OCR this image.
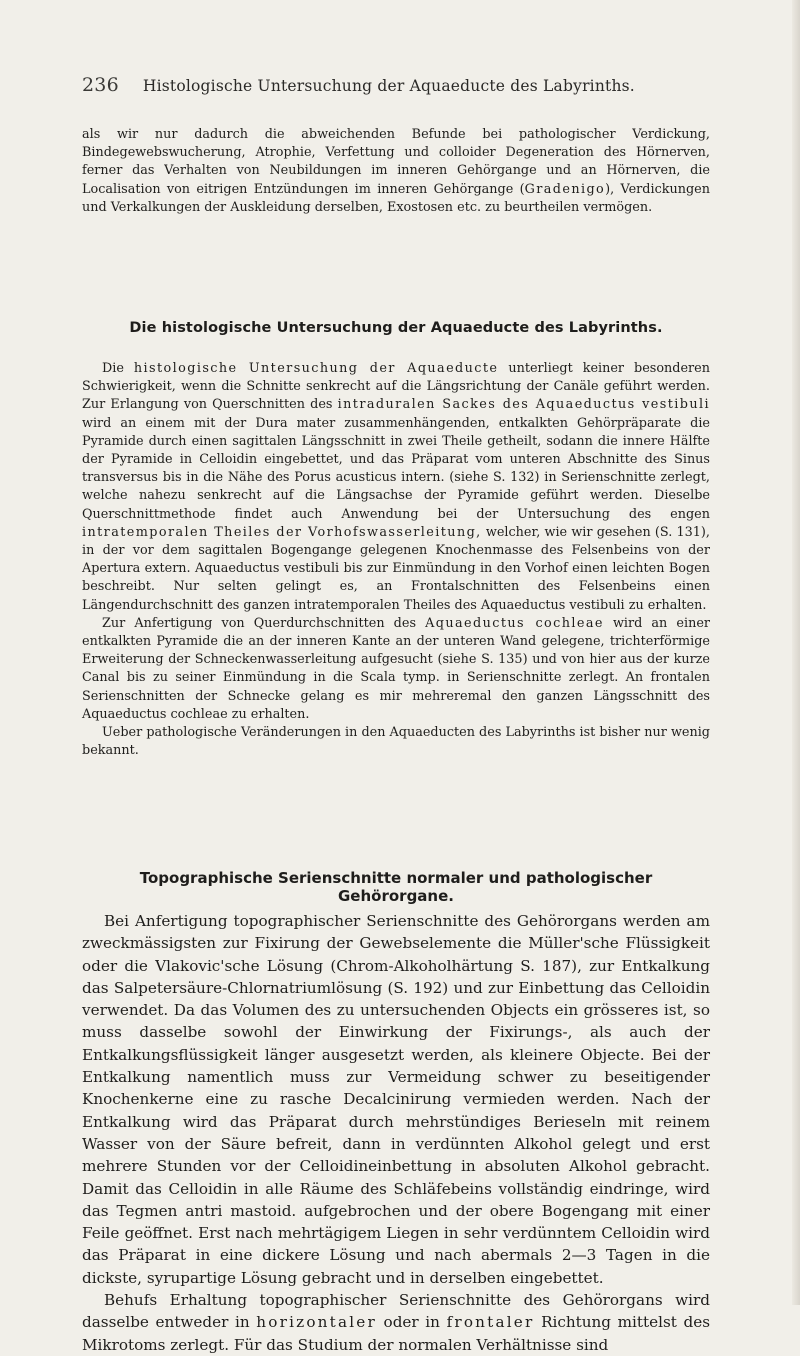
236 Histologische Untersuchung der Aquaeducte des Labyrinths.

als wir nur dadurch die abweichenden Befunde bei pathologischer Verdickung, Bindegewebswucherung, Atrophie, Verfettung und colloider Degeneration des Hörnerven, ferner das Verhalten von Neubildungen im inneren Gehörgange und an Hörnerven, die Localisation von eitrigen Entzündungen im inneren Gehörgange (Gradenigo), Verdickungen und Verkalkungen der Auskleidung derselben, Exostosen etc. zu beurtheilen vermögen.

Die histologische Untersuchung der Aquaeducte des Labyrinths.

Die histologische Untersuchung der Aquaeducte unterliegt keiner besonderen Schwierigkeit, wenn die Schnitte senkrecht auf die Längsrichtung der Canäle geführt werden. Zur Erlangung von Querschnitten des intraduralen Sackes des Aquaeductus vestibuli wird an einem mit der Dura mater zusammenhängenden, entkalkten Gehörpräparate die Pyramide durch einen sagittalen Längsschnitt in zwei Theile getheilt, sodann die innere Hälfte der Pyramide in Celloidin eingebettet, und das Präparat vom unteren Abschnitte des Sinus transversus bis in die Nähe des Porus acusticus intern. (siehe S. 132) in Serienschnitte zerlegt, welche nahezu senkrecht auf die Längsachse der Pyramide geführt werden. Dieselbe Querschnittmethode findet auch Anwendung bei der Untersuchung des engen intratemporalen Theiles der Vorhofswasserleitung, welcher, wie wir gesehen (S. 131), in der vor dem sagittalen Bogengange gelegenen Knochenmasse des Felsenbeins von der Apertura extern. Aquaeductus vestibuli bis zur Einmündung in den Vorhof einen leichten Bogen beschreibt. Nur selten gelingt es, an Frontalschnitten des Felsenbeins einen Längendurchschnitt des ganzen intratemporalen Theiles des Aquaeductus vestibuli zu erhalten.

Zur Anfertigung von Querdurchschnitten des Aquaeductus cochleae wird an einer entkalkten Pyramide die an der inneren Kante an der unteren Wand gelegene, trichterförmige Erweiterung der Schneckenwasserleitung aufgesucht (siehe S. 135) und von hier aus der kurze Canal bis zu seiner Einmündung in die Scala tymp. in Serienschnitte zerlegt. An frontalen Serienschnitten der Schnecke gelang es mir mehreremal den ganzen Längsschnitt des Aquaeductus cochleae zu erhalten.

Ueber pathologische Veränderungen in den Aquaeducten des Labyrinths ist bisher nur wenig bekannt.

Topographische Serienschnitte normaler und pathologischer Gehörorgane.

Bei Anfertigung topographischer Serienschnitte des Gehörorgans werden am zweckmässigsten zur Fixirung der Gewebselemente die Müller'sche Flüssigkeit oder die Vlakovic'sche Lösung (Chrom-Alkoholhärtung S. 187), zur Entkalkung das Salpetersäure-Chlornatriumlösung (S. 192) und zur Einbettung das Celloidin verwendet. Da das Volumen des zu untersuchenden Objects ein grösseres ist, so muss dasselbe sowohl der Einwirkung der Fixirungs-, als auch der Entkalkungsflüssigkeit länger ausgesetzt werden, als kleinere Objecte. Bei der Entkalkung namentlich muss zur Vermeidung schwer zu beseitigender Knochenkerne eine zu rasche Decalcinirung vermieden werden. Nach der Entkalkung wird das Präparat durch mehrstündiges Berieseln mit reinem Wasser von der Säure befreit, dann in verdünnten Alkohol gelegt und erst mehrere Stunden vor der Celloidineinbettung in absoluten Alkohol gebracht. Damit das Celloidin in alle Räume des Schläfebeins vollständig eindringe, wird das Tegmen antri mastoid. aufgebrochen und der obere Bogengang mit einer Feile geöffnet. Erst nach mehrtägigem Liegen in sehr verdünntem Celloidin wird das Präparat in eine dickere Lösung und nach abermals 2—3 Tagen in die dickste, syrupartige Lösung gebracht und in derselben eingebettet.

Behufs Erhaltung topographischer Serienschnitte des Gehörorgans wird dasselbe entweder in horizontaler oder in frontaler Richtung mittelst des Mikrotoms zerlegt. Für das Studium der normalen Verhältnisse sind
